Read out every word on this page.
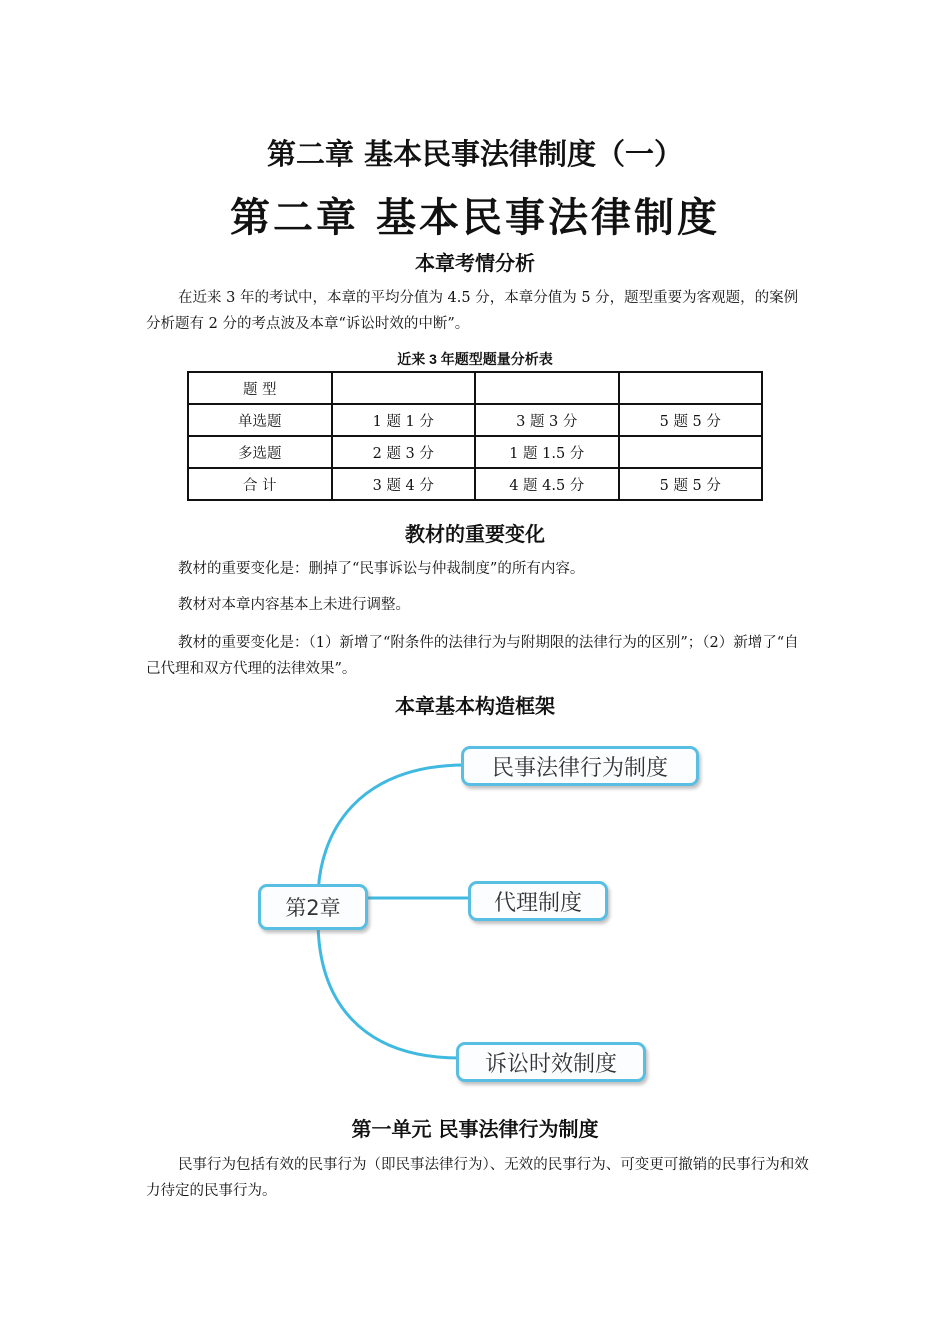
第二章 基本民事法律制度（一）
第二章 基本民事法律制度
本章考情分析
在近来 3 年的考试中，本章的平均分值为 4.5 分，本章分值为 5 分，题型重要为客观题，的案例分析题有 2 分的考点波及本章“诉讼时效的中断”。
近来 3 年题型题量分析表
题 型			
单选题	1 题 1 分	3 题 3 分	5 题 5 分
多选题	2 题 3 分	1 题 1.5 分	
合 计	3 题 4 分	4 题 4.5 分	5 题 5 分
教材的重要变化
教材的重要变化是：删掉了“民事诉讼与仲裁制度”的所有内容。
教材对本章内容基本上未进行调整。
教材的重要变化是：（1）新增了“附条件的法律行为与附期限的法律行为的区别”；（2）新增了“自己代理和双方代理的法律效果”。
本章基本构造框架
第2章
民事法律行为制度
代理制度
诉讼时效制度
第一单元 民事法律行为制度
民事行为包括有效的民事行为（即民事法律行为）、无效的民事行为、可变更可撤销的民事行为和效力待定的民事行为。
